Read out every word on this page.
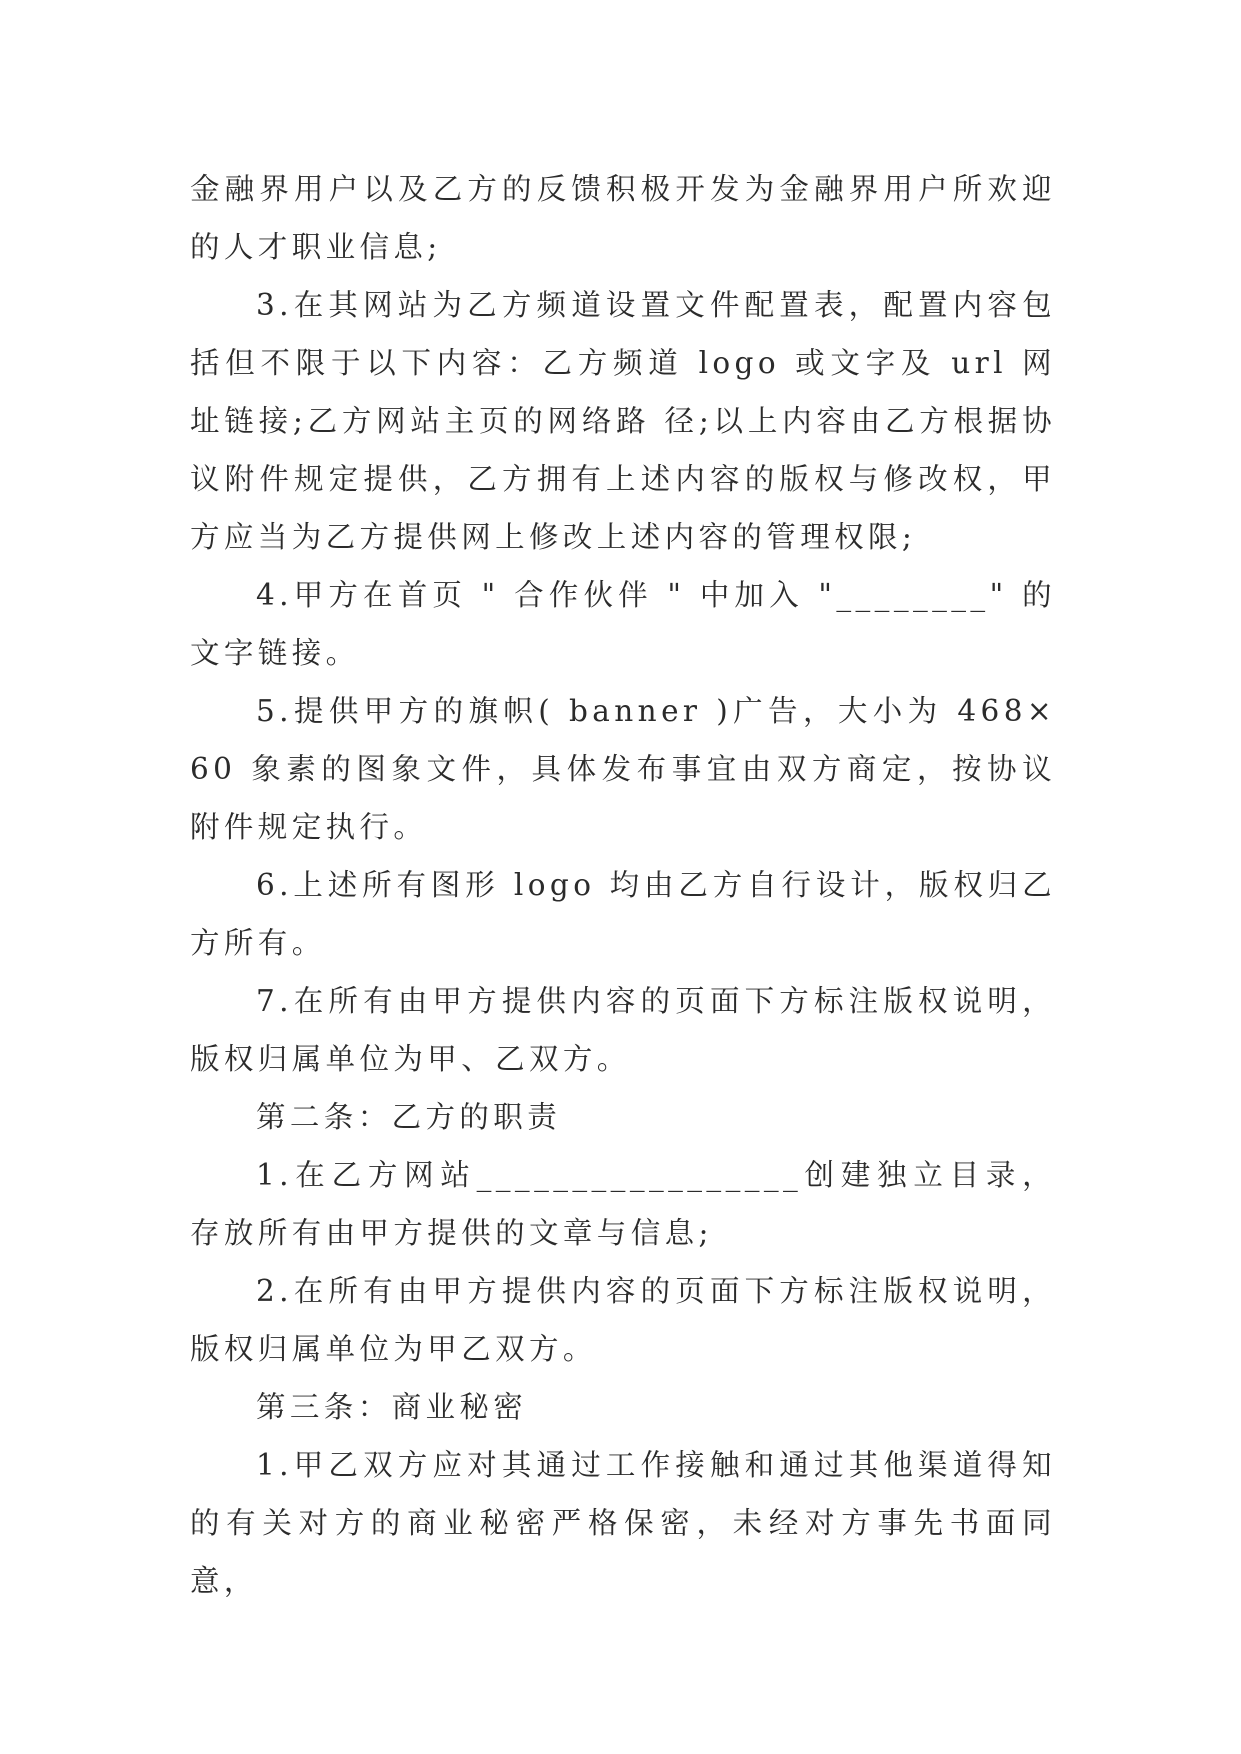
金融界用户以及乙方的反馈积极开发为金融界用户所欢迎的人才职业信息;

3.在其网站为乙方频道设置文件配置表，配置内容包括但不限于以下内容：乙方频道 logo 或文字及 url 网址链接;乙方网站主页的网络路 径;以上内容由乙方根据协议附件规定提供，乙方拥有上述内容的版权与修改权，甲方应当为乙方提供网上修改上述内容的管理权限;

4.甲方在首页 " 合作伙伴 " 中加入 "________" 的文字链接。

5.提供甲方的旗帜( banner )广告，大小为 468×60 象素的图象文件，具体发布事宜由双方商定，按协议附件规定执行。

6.上述所有图形 logo 均由乙方自行设计，版权归乙方所有。

7.在所有由甲方提供内容的页面下方标注版权说明，版权归属单位为甲、乙双方。

第二条：乙方的职责

1.在乙方网站_________________创建独立目录，存放所有由甲方提供的文章与信息;

2.在所有由甲方提供内容的页面下方标注版权说明，版权归属单位为甲乙双方。

第三条：商业秘密

1.甲乙双方应对其通过工作接触和通过其他渠道得知的有关对方的商业秘密严格保密，未经对方事先书面同意，
